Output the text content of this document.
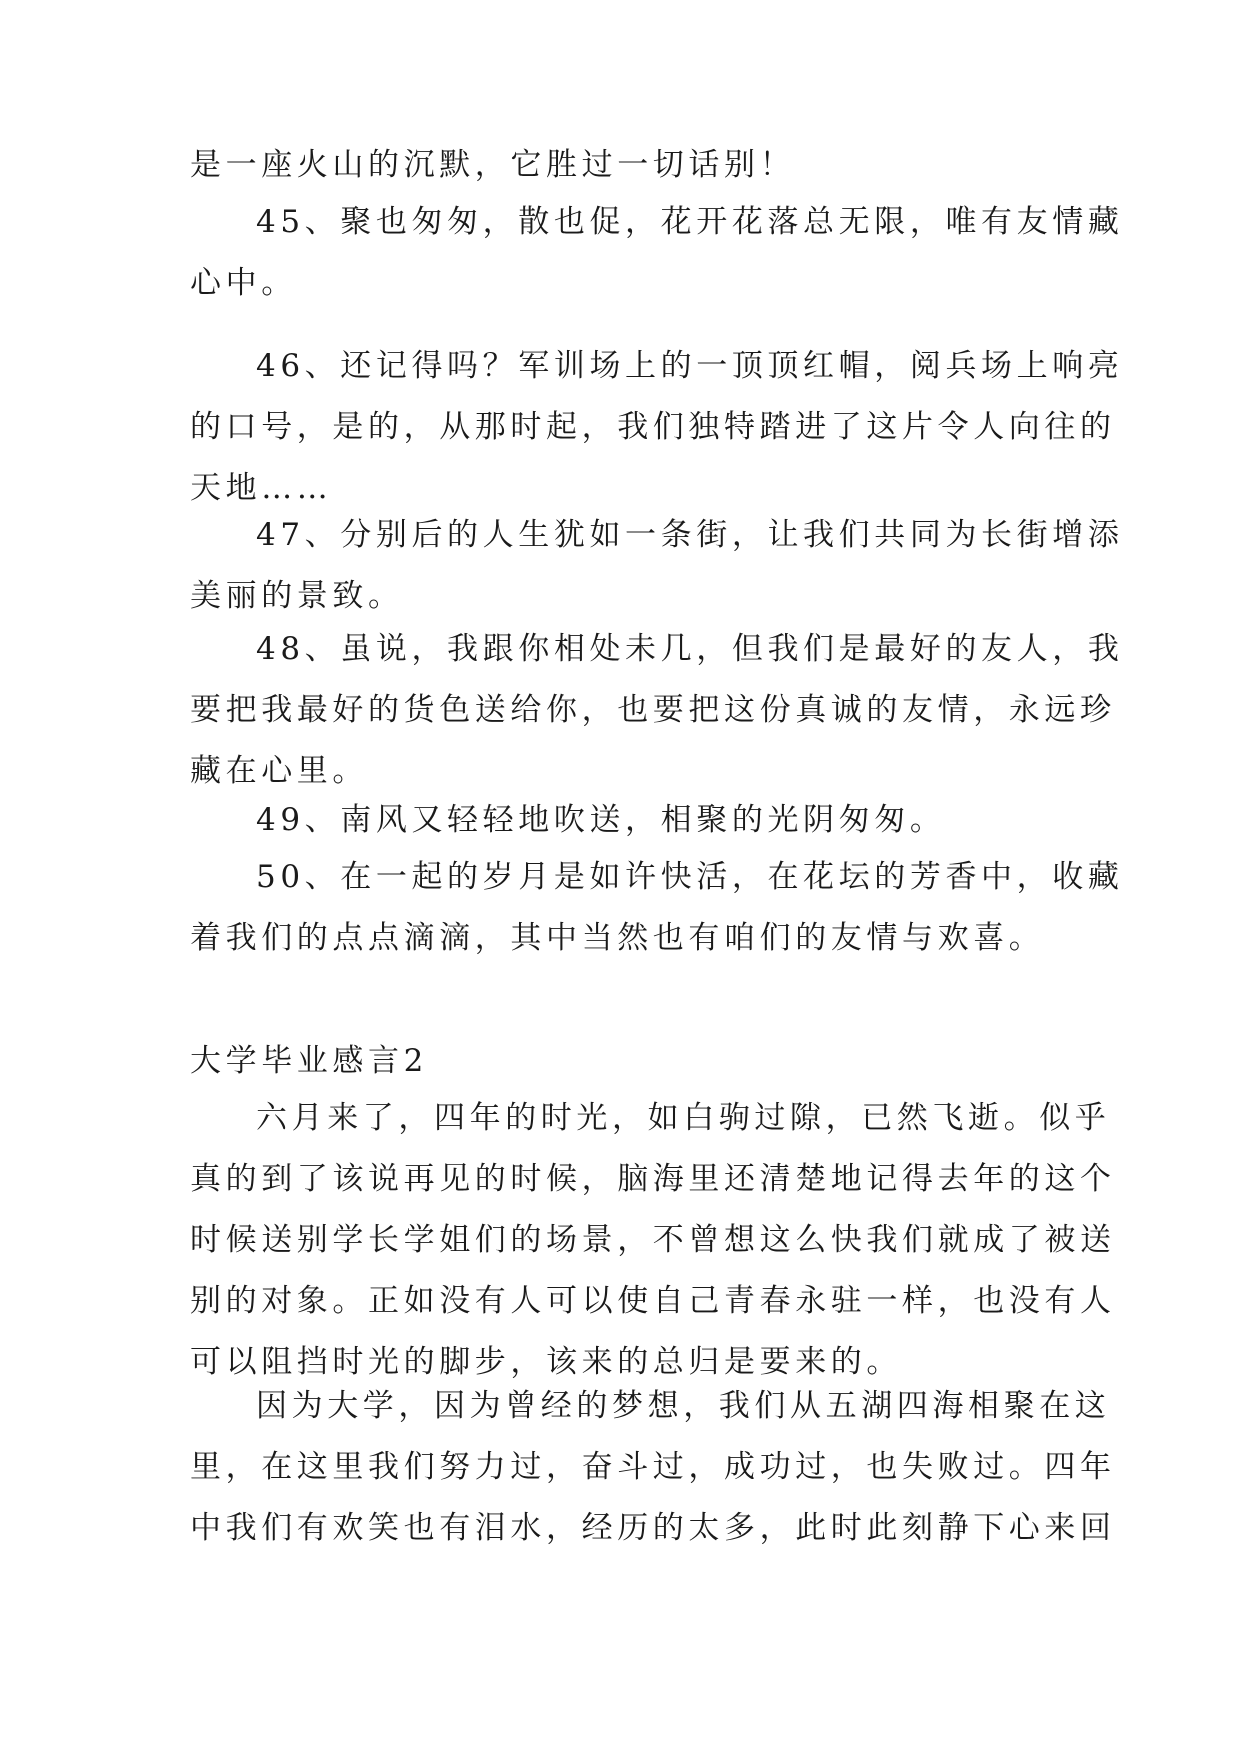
是一座火山的沉默，它胜过一切话别！
45、聚也匆匆，散也促，花开花落总无限，唯有友情藏
心中。
46、还记得吗？军训场上的一顶顶红帽，阅兵场上响亮
的口号，是的，从那时起，我们独特踏进了这片令人向往的
天地……
47、分别后的人生犹如一条街，让我们共同为长街增添
美丽的景致。
48、虽说，我跟你相处未几，但我们是最好的友人，我
要把我最好的货色送给你，也要把这份真诚的友情，永远珍
藏在心里。
49、南风又轻轻地吹送，相聚的光阴匆匆。
50、在一起的岁月是如许快活，在花坛的芳香中，收藏
着我们的点点滴滴，其中当然也有咱们的友情与欢喜。
大学毕业感言2
六月来了，四年的时光，如白驹过隙，已然飞逝。似乎
真的到了该说再见的时候，脑海里还清楚地记得去年的这个
时候送别学长学姐们的场景，不曾想这么快我们就成了被送
别的对象。正如没有人可以使自己青春永驻一样，也没有人
可以阻挡时光的脚步，该来的总归是要来的。
因为大学，因为曾经的梦想，我们从五湖四海相聚在这
里，在这里我们努力过，奋斗过，成功过，也失败过。四年
中我们有欢笑也有泪水，经历的太多，此时此刻静下心来回
